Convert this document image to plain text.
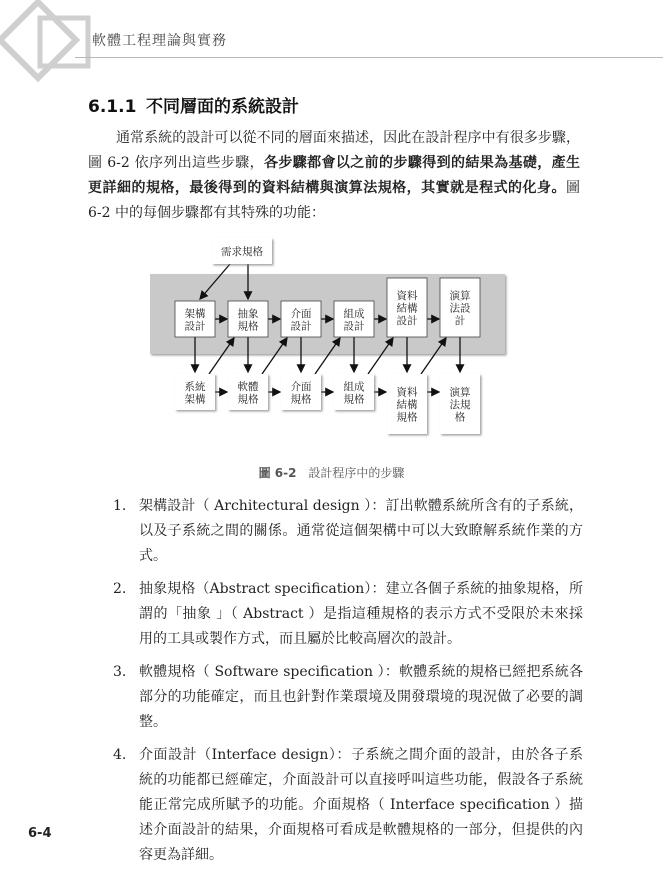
軟體工程理論與實務
6.1.1 不同層面的系統設計

通常系統的設計可以從不同的層面來描述，因此在設計程序中有很多步驟，圖 6-2 依序列出這些步驟，各步驟都會以之前的步驟得到的結果為基礎，產生更詳細的規格，最後得到的資料結構與演算法規格，其實就是程式的化身。圖 6-2 中的每個步驟都有其特殊的功能：

需求規格
架構
設計
抽象
規格
介面
設計
組成
設計
資料
結構
設計
演算
法設
計
系統
架構
軟體
規格
介面
規格
組成
規格
資料
結構
規格
演算
法規
格
圖 6-2 設計程序中的步驟
1. 架構設計（ Architectural design ）：訂出軟體系統所含有的子系統，以及子系統之間的關係。通常從這個架構中可以大致瞭解系統作業的方式。
2. 抽象規格（Abstract specification）：建立各個子系統的抽象規格，所謂的「抽象 」（ Abstract ）是指這種規格的表示方式不受限於未來採用的工具或製作方式，而且屬於比較高層次的設計。
3. 軟體規格（ Software specification ）：軟體系統的規格已經把系統各部分的功能確定，而且也針對作業環境及開發環境的現況做了必要的調整。
4. 介面設計（Interface design）：子系統之間介面的設計，由於各子系統的功能都已經確定，介面設計可以直接呼叫這些功能，假設各子系統能正常完成所賦予的功能。介面規格（ Interface specification ）描述介面設計的結果，介面規格可看成是軟體規格的一部分，但提供的內容更為詳細。
6-4
